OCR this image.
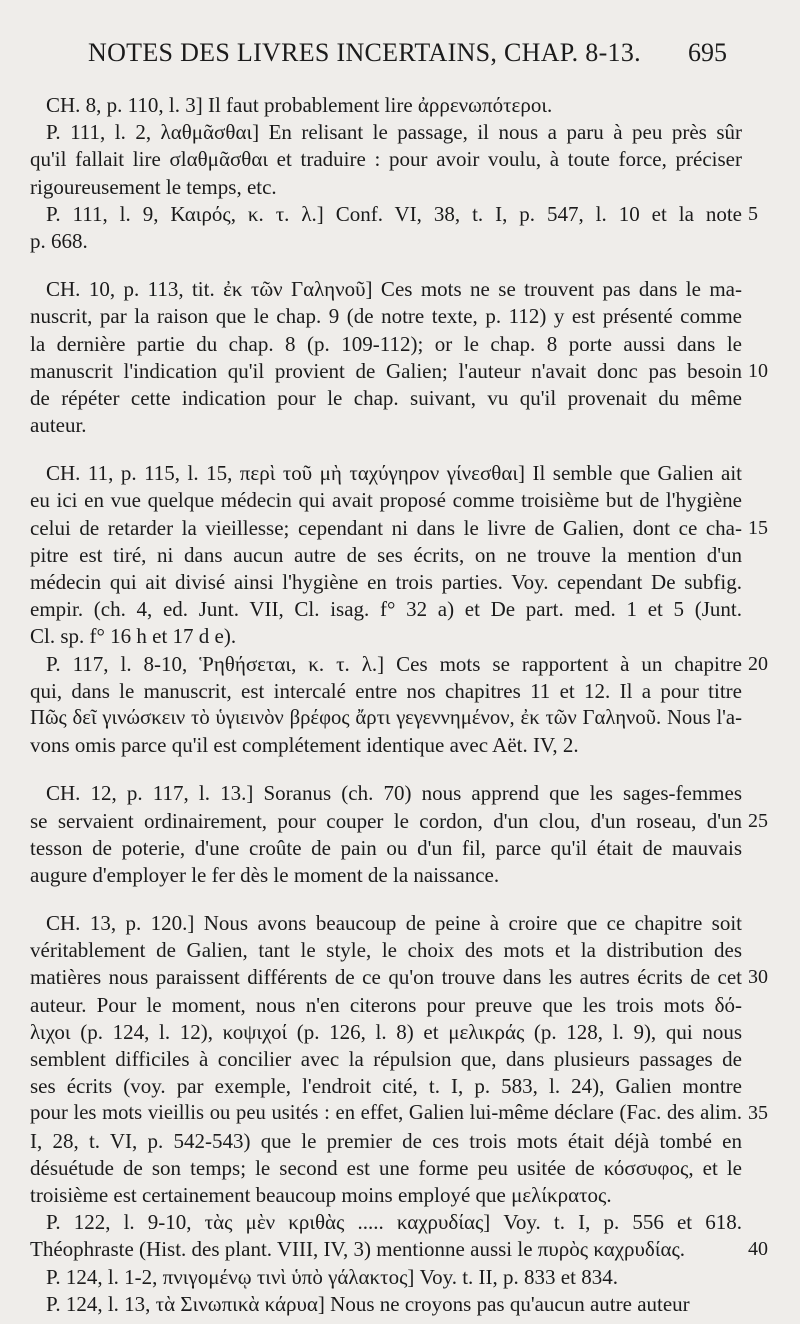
NOTES DES LIVRES INCERTAINS, CHAP. 8-13. 695
CH. 8, p. 110, l. 3] Il faut probablement lire ἀρρενωπότεροι.
P. 111, l. 2, λαθμᾶσθαι] En relisant le passage, il nous a paru à peu près sûr
qu'il fallait lire σlαθμᾶσθαι et traduire : pour avoir voulu, à toute force, préciser
rigoureusement le temps, etc.
P. 111, l. 9, Καιρός, κ. τ. λ.] Conf. VI, 38, t. I, p. 547, l. 10 et la note 5
p. 668.
CH. 10, p. 113, tit. ἐκ τῶν Γαληνοῦ] Ces mots ne se trouvent pas dans le ma-
nuscrit, par la raison que le chap. 9 (de notre texte, p. 112) y est présenté comme
la dernière partie du chap. 8 (p. 109-112); or le chap. 8 porte aussi dans le
manuscrit l'indication qu'il provient de Galien; l'auteur n'avait donc pas besoin 10
de répéter cette indication pour le chap. suivant, vu qu'il provenait du même
auteur.
CH. 11, p. 115, l. 15, περὶ τοῦ μὴ ταχύγηρον γίνεσθαι] Il semble que Galien ait
eu ici en vue quelque médecin qui avait proposé comme troisième but de l'hygiène
celui de retarder la vieillesse; cependant ni dans le livre de Galien, dont ce cha- 15
pitre est tiré, ni dans aucun autre de ses écrits, on ne trouve la mention d'un
médecin qui ait divisé ainsi l'hygiène en trois parties. Voy. cependant De subfig.
empir. (ch. 4, ed. Junt. VII, Cl. isag. f° 32 a) et De part. med. 1 et 5 (Junt.
Cl. sp. f° 16 h et 17 d e).
P. 117, l. 8-10, Ῥηθήσεται, κ. τ. λ.] Ces mots se rapportent à un chapitre 20
qui, dans le manuscrit, est intercalé entre nos chapitres 11 et 12. Il a pour titre
Πῶς δεῖ γινώσκειν τὸ ὑγιεινὸν βρέφος ἄρτι γεγεννημένον, ἐκ τῶν Γαληνοῦ. Nous l'a-
vons omis parce qu'il est complétement identique avec Aët. IV, 2.
CH. 12, p. 117, l. 13.] Soranus (ch. 70) nous apprend que les sages-femmes
se servaient ordinairement, pour couper le cordon, d'un clou, d'un roseau, d'un 25
tesson de poterie, d'une croûte de pain ou d'un fil, parce qu'il était de mauvais
augure d'employer le fer dès le moment de la naissance.
CH. 13, p. 120.] Nous avons beaucoup de peine à croire que ce chapitre soit
véritablement de Galien, tant le style, le choix des mots et la distribution des
matières nous paraissent différents de ce qu'on trouve dans les autres écrits de cet 30
auteur. Pour le moment, nous n'en citerons pour preuve que les trois mots δό-
λιχοι (p. 124, l. 12), κοψιχοί (p. 126, l. 8) et μελικράς (p. 128, l. 9), qui nous
semblent difficiles à concilier avec la répulsion que, dans plusieurs passages de
ses écrits (voy. par exemple, l'endroit cité, t. I, p. 583, l. 24), Galien montre
pour les mots vieillis ou peu usités : en effet, Galien lui-même déclare (Fac. des alim. 35
I, 28, t. VI, p. 542-543) que le premier de ces trois mots était déjà tombé en
désuétude de son temps; le second est une forme peu usitée de κόσσυφος, et le
troisième est certainement beaucoup moins employé que μελίκρατος.
P. 122, l. 9-10, τὰς μὲν κριθὰς ..... καχρυδίας] Voy. t. I, p. 556 et 618.
Théophraste (Hist. des plant. VIII, IV, 3) mentionne aussi le πυρὸς καχρυδίας.	40
P. 124, l. 1-2, πνιγομένῳ τινὶ ὑπὸ γάλακτος] Voy. t. II, p. 833 et 834.
P. 124, l. 13, τὰ Σινωπικὰ κάρυα] Nous ne croyons pas qu'aucun autre auteur
